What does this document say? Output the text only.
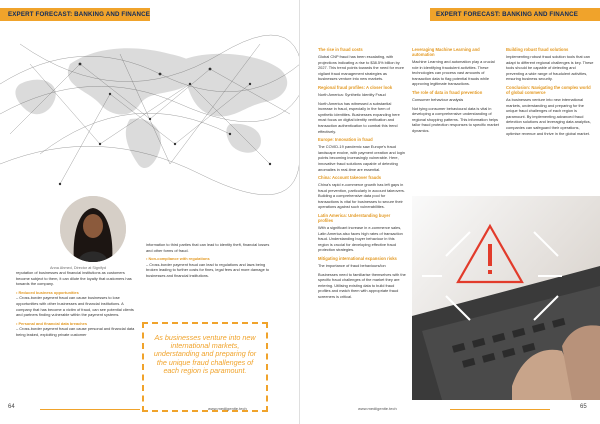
EXPERT FORECAST: BANKING AND FINANCE
Anna Ahmed, Director at Signifyd

reputation of businesses and financial institutions as customers become subject to them, it can dilute the loyalty that customers has towards the company.

• Reduced business opportunities
– Cross-border payment fraud can cause businesses to lose opportunities with other businesses and financial institutions. A company that has become a victim of fraud, can see potential clients and partners finding vulnerable within the payment systems.

• Personal and financial data breaches
– Cross-border payment fraud can cause personal and financial data being leaked, exploiting private customer

information to third parties that can lead to identity theft, financial losses and other forms of fraud.

• Non-compliance with regulations
– Cross-border payment fraud can lead to regulations and laws being broken leading to further costs for fines, legal fees and more damage to businesses and financial institutions.

As businesses venture into new international markets, understanding and preparing for the unique fraud challenges of each region is paramount.
64	www.mediigenite.tech
EXPERT FORECAST: BANKING AND FINANCE
The rise in fraud costs

Global CNP fraud has been escalating, with projections indicating a rise to $38.5% billion by 2027. This trend points towards the need for more vigilant fraud management strategies as businesses venture into new markets.

Regional fraud profiles: A closer look

North America: Synthetic Identity Fraud

North America has witnessed a substantial increase in fraud, especially in the form of synthetic identities. Businesses expanding here must focus on digital identity verification and transaction authentication to combat this trend effectively.

Europe: Innovation in fraud

The COVID-19 pandemic saw Europe's fraud landscape evolve, with payment creation and login points becoming increasingly vulnerable. Here, innovative fraud solutions capable of detecting anomalies in real-time are essential.

China: Account takeover frauds

China's rapid e-commerce growth has left gaps in fraud prevention, particularly in account takeovers. Building a comprehensive data pool for transactions is vital for businesses to secure their operations against such vulnerabilities.

Latin America: Understanding buyer profiles

With a significant increase in e-commerce sales, Latin America also faces high rates of transaction fraud. Understanding buyer behaviour in this region is crucial for developing effective fraud protection strategies.

Mitigating international expansion risks

The importance of fraud behaviours/ion

Businesses need to familiarise themselves with the specific fraud challenges of the market they are entering. Utilising existing data to build fraud profiles and match them with appropriate fraud screeners is critical.

Leveraging Machine Learning and automation

Machine Learning and automation play a crucial role in identifying fraudulent activities. These technologies can process vast amounts of transaction data to flag potential frauds while approving legitimate transactions.

The role of data in fraud prevention

Consumer behaviour analysis

Not tying consumer behavioural data is vital in developing a comprehensive understanding of regional shopping patterns. This information helps tailor fraud protection responses to specific market dynamics.

Building robust fraud solutions

Implementing robust fraud solution tools that can adapt to different regional challenges is key. These tools should be capable of detecting and preventing a wide range of fraudulent activities, ensuring business security.

Conclusion: Navigating the complex world of global commerce

As businesses venture into new international markets, understanding and preparing for the unique fraud challenges of each region is paramount. By implementing advanced fraud detection solutions and leveraging data analytics, companies can safeguard their operations, optimise revenue and thrive in the global market.

www.mediigenite.tech	65
